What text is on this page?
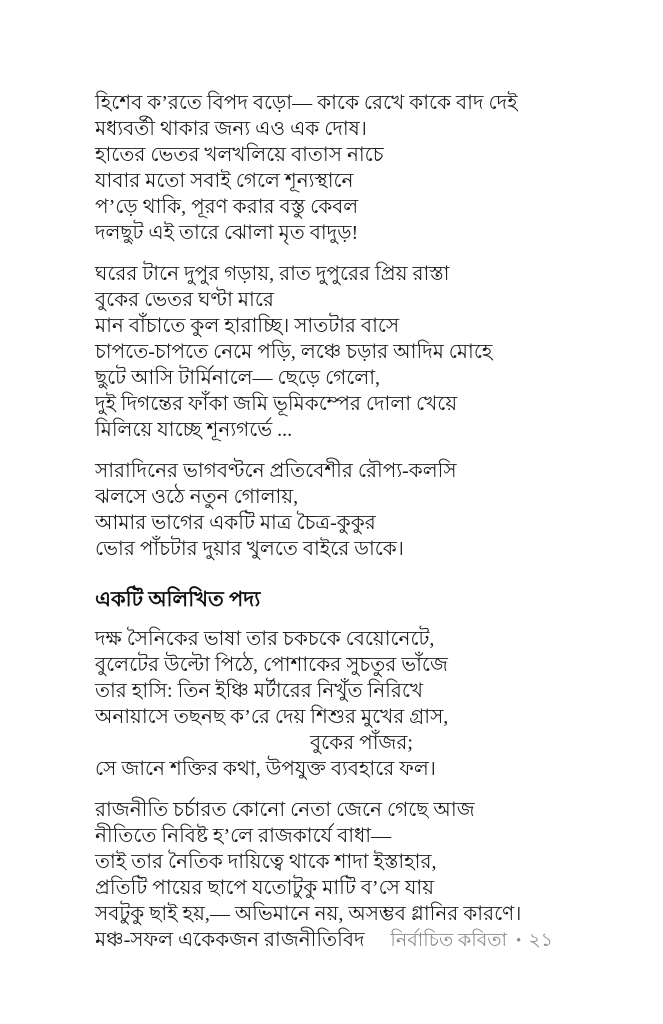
হিশেব ক’রতে বিপদ বড়ো— কাকে রেখে কাকে বাদ দেই

মধ্যবর্তী থাকার জন্য এও এক দোষ।

হাতের ভেতর খলখলিয়ে বাতাস নাচে

যাবার মতো সবাই গেলে শূন্যস্থানে

প’ড়ে থাকি, পূরণ করার বস্তু কেবল

দলছুট এই তারে ঝোলা মৃত বাদুড়!

ঘরের টানে দুপুর গড়ায়, রাত দুপুরের প্রিয় রাস্তা

বুকের ভেতর ঘণ্টা মারে

মান বাঁচাতে কুল হারাচ্ছি। সাতটার বাসে

চাপতে-চাপতে নেমে পড়ি, লঞ্চে চড়ার আদিম মোহে

ছুটে আসি টার্মিনালে— ছেড়ে গেলো,

দুই দিগন্তের ফাঁকা জমি ভূমিকম্পের দোলা খেয়ে

মিলিয়ে যাচ্ছে শূন্যগর্ভে ...

সারাদিনের ভাগবণ্টনে প্রতিবেশীর রৌপ্য-কলসি

ঝলসে ওঠে নতুন গোলায়,

আমার ভাগের একটি মাত্র চৈত্র-কুকুর

ভোর পাঁচটার দুয়ার খুলতে বাইরে ডাকে।

একটি অলিখিত পদ্য

দক্ষ সৈনিকের ভাষা তার চকচকে বেয়োনেটে,

বুলেটের উল্টো পিঠে, পোশাকের সুচতুর ভাঁজে

তার হাসি: তিন ইঞ্চি মর্টারের নিখুঁত নিরিখে

অনায়াসে তছনছ ক’রে দেয় শিশুর মুখের গ্রাস,

বুকের পাঁজর;

সে জানে শক্তির কথা, উপযুক্ত ব্যবহারে ফল।

রাজনীতি চর্চারত কোনো নেতা জেনে গেছে আজ

নীতিতে নিবিষ্ট হ’লে রাজকার্যে বাধা—

তাই তার নৈতিক দায়িত্বে থাকে শাদা ইস্তাহার,

প্রতিটি পায়ের ছাপে যতোটুকু মাটি ব’সে যায়

সবটুকু ছাই হয়,— অভিমানে নয়, অসম্ভব গ্লানির কারণে।

মঞ্চ-সফল একেকজন রাজনীতিবিদ	নির্বাচিত কবিতা • ২১
